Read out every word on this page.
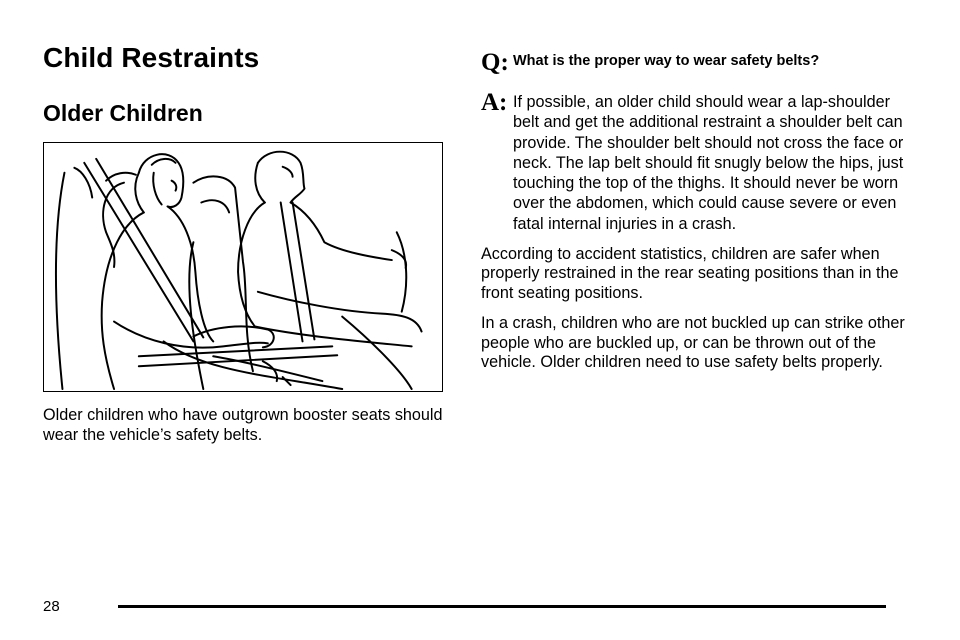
Child Restraints
Older Children

Older children who have outgrown booster seats should wear the vehicle’s safety belts.

Q: What is the proper way to wear safety belts?

A: If possible, an older child should wear a lap-shoulder belt and get the additional restraint a shoulder belt can provide. The shoulder belt should not cross the face or neck. The lap belt should fit snugly below the hips, just touching the top of the thighs. It should never be worn over the abdomen, which could cause severe or even fatal internal injuries in a crash.

According to accident statistics, children are safer when properly restrained in the rear seating positions than in the front seating positions.

In a crash, children who are not buckled up can strike other people who are buckled up, or can be thrown out of the vehicle. Older children need to use safety belts properly.

28
